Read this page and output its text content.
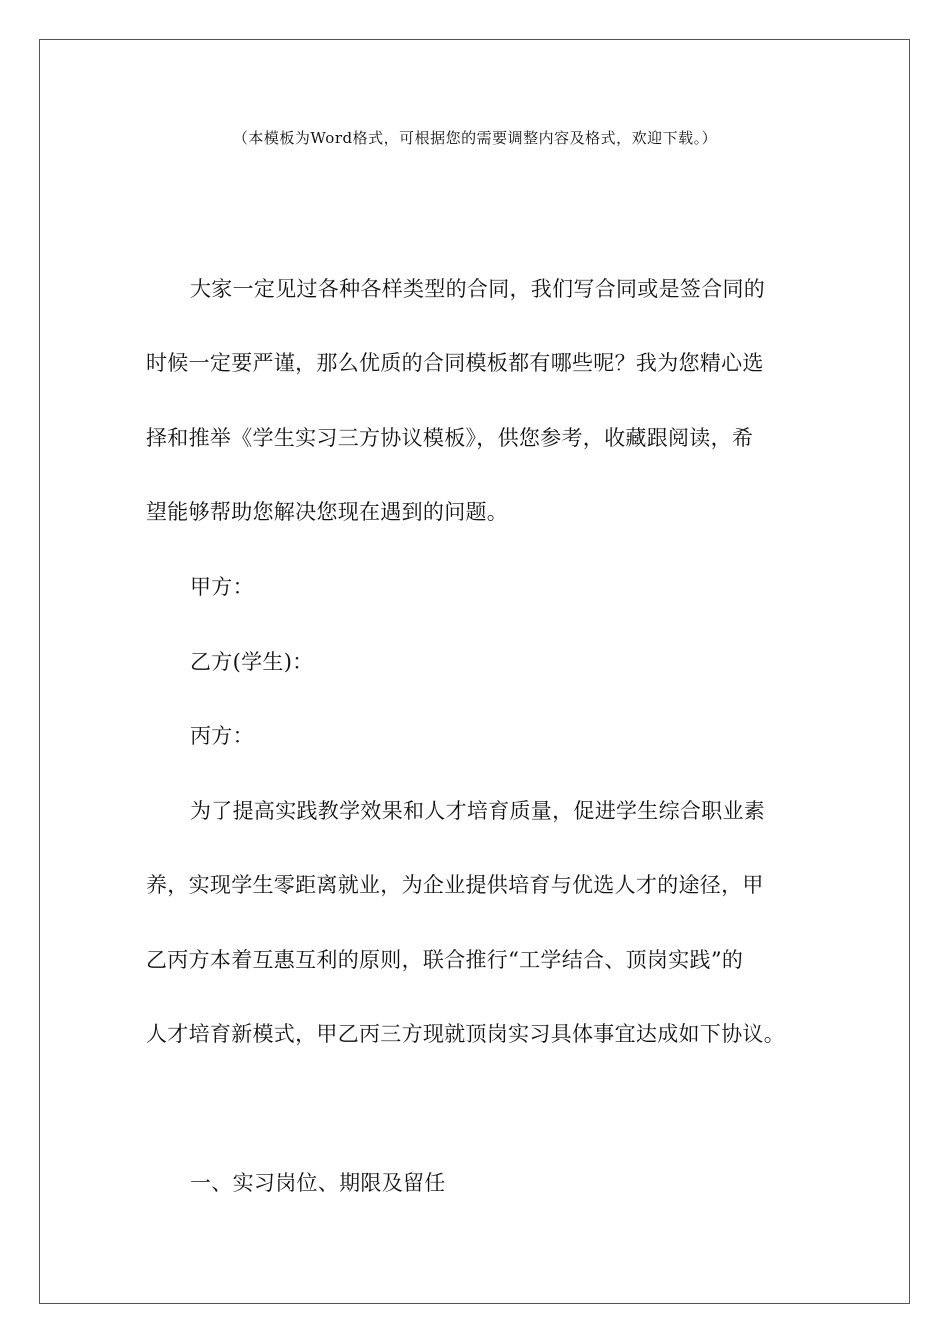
（本模板为Word格式，可根据您的需要调整内容及格式，欢迎下载。）
大家一定见过各种各样类型的合同，我们写合同或是签合同的
时候一定要严谨，那么优质的合同模板都有哪些呢？我为您精心选
择和推举《学生实习三方协议模板》，供您参考，收藏跟阅读，希
望能够帮助您解决您现在遇到的问题。
甲方：
乙方(学生)：
丙方：
为了提高实践教学效果和人才培育质量，促进学生综合职业素
养，实现学生零距离就业，为企业提供培育与优选人才的途径，甲
乙丙方本着互惠互利的原则，联合推行“工学结合、顶岗实践”的
人才培育新模式，甲乙丙三方现就顶岗实习具体事宜达成如下协议。
一、实习岗位、期限及留任
